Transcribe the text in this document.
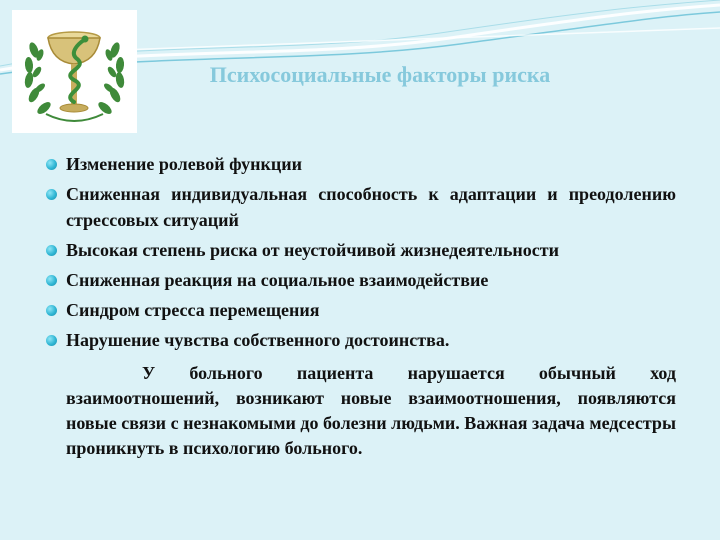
Психосоциальные факторы риска
Изменение ролевой функции
Сниженная индивидуальная способность к адаптации и преодолению стрессовых ситуаций
Высокая степень риска от неустойчивой жизнедеятельности
Сниженная реакция на социальное взаимодействие
Синдром стресса перемещения
Нарушение чувства собственного достоинства.

У больного пациента нарушается обычный ход взаимоотношений, возникают новые взаимоотношения, появляются новые связи с незнакомыми до болезни людьми. Важная задача медсестры проникнуть в психологию больного.
